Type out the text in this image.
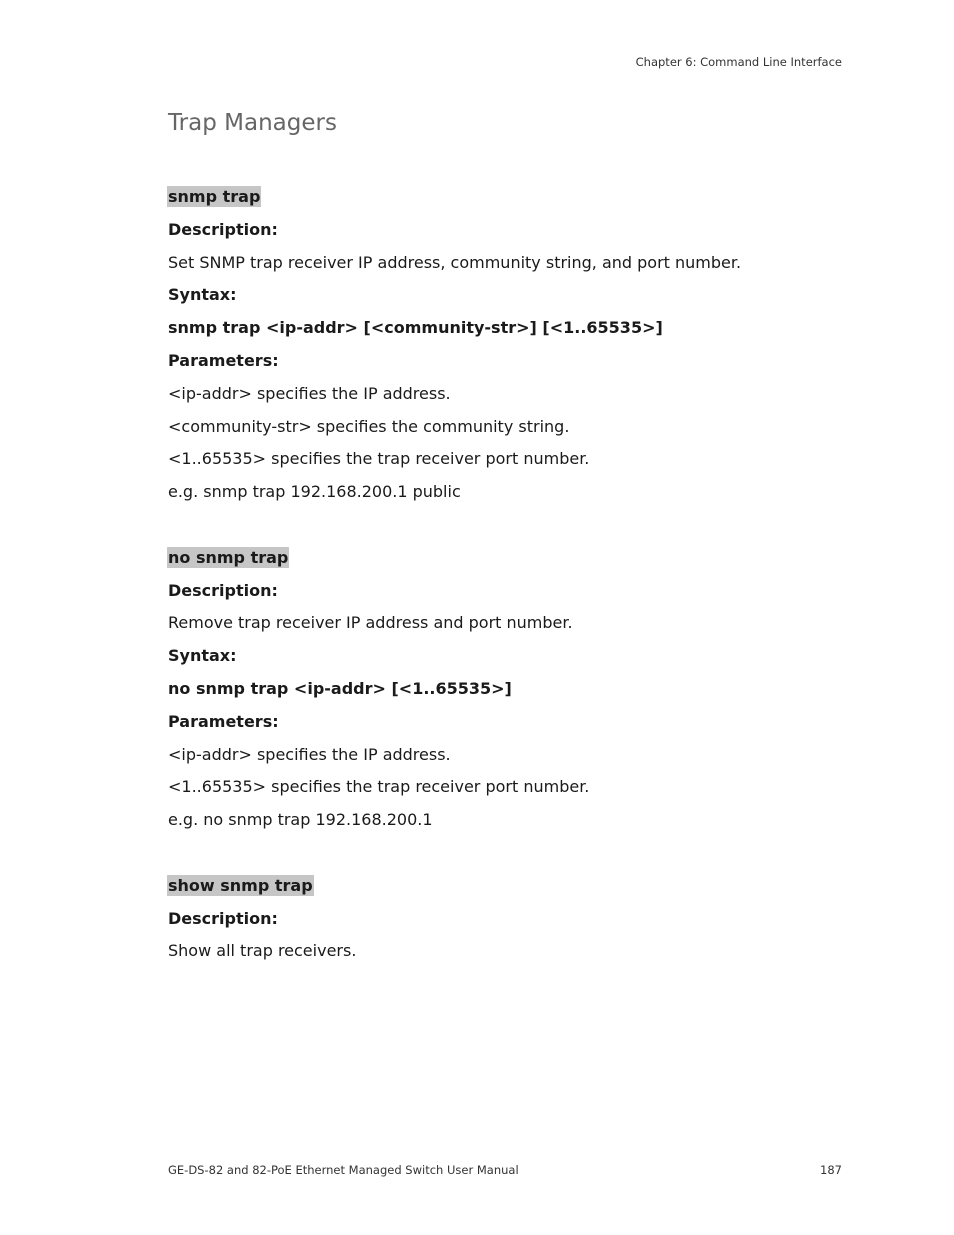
Chapter 6: Command Line Interface
Trap Managers
snmp trap
Description:
Set SNMP trap receiver IP address, community string, and port number.
Syntax:
snmp trap <ip-addr> [<community-str>] [<1..65535>]
Parameters:
<ip-addr> specifies the IP address.
<community-str> specifies the community string.
<1..65535> specifies the trap receiver port number.
e.g. snmp trap 192.168.200.1 public
no snmp trap
Description:
Remove trap receiver IP address and port number.
Syntax:
no snmp trap <ip-addr> [<1..65535>]
Parameters:
<ip-addr> specifies the IP address.
<1..65535> specifies the trap receiver port number.
e.g. no snmp trap 192.168.200.1
show snmp trap
Description:
Show all trap receivers.
GE-DS-82 and 82-PoE Ethernet Managed Switch User Manual	187
